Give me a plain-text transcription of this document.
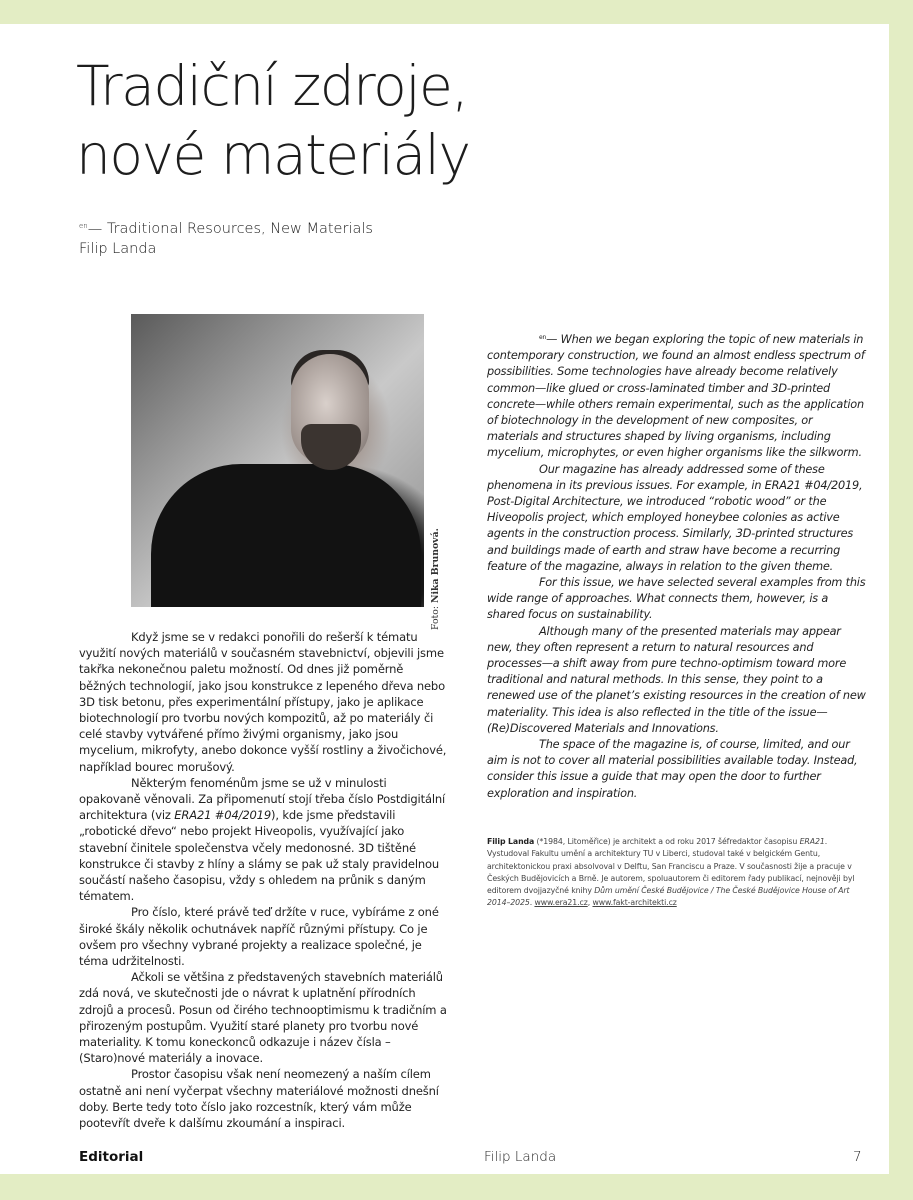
Tradiční zdroje,
nové materiály
$^{en}$— Traditional Resources, New Materials
Filip Landa
Foto: Nika Brunová.

Když jsme se v redakci ponořili do rešerší k tématu využití nových materiálů v současném stavebnictví, objevili jsme takřka nekonečnou paletu možností. Od dnes již poměrně běžných technologií, jako jsou konstrukce z lepeného dřeva nebo 3D tisk betonu, přes experimentální přístupy, jako je aplikace biotechnologií pro tvorbu nových kompozitů, až po materiály či celé stavby vytvářené přímo živými organismy, jako jsou mycelium, mikrofyty, anebo dokonce vyšší rostliny a živočichové, například bourec morušový.

Některým fenoménům jsme se už v minulosti opakovaně věnovali. Za připomenutí stojí třeba číslo Postdigitální architektura (viz ERA21 #04/2019), kde jsme představili „robotické dřevo“ nebo projekt Hiveopolis, využívající jako stavební činitele společenstva včely medonosné. 3D tištěné konstrukce či stavby z hlíny a slámy se pak už staly pravidelnou součástí našeho časopisu, vždy s ohledem na průnik s daným tématem.

Pro číslo, které právě teď držíte v ruce, vybíráme z oné široké škály několik ochutnávek napříč různými přístupy. Co je ovšem pro všechny vybrané projekty a realizace společné, je téma udržitelnosti.

Ačkoli se většina z představených stavebních materiálů zdá nová, ve skutečnosti jde o návrat k uplatnění přírodních zdrojů a procesů. Posun od čirého technooptimismu k tradičním a přirozeným postupům. Využití staré planety pro tvorbu nové materiality. K tomu koneckonců odkazuje i název čísla – (Staro)nové materiály a inovace.

Prostor časopisu však není neomezený a naším cílem ostatně ani není vyčerpat všechny materiálové možnosti dnešní doby. Berte tedy toto číslo jako rozcestník, který vám může pootevřít dveře k dalšímu zkoumání a inspiraci.

$^{en}$— When we began exploring the topic of new materials in contemporary construction, we found an almost endless spectrum of possibilities. Some technologies have already become relatively common—like glued or cross-laminated timber and 3D-printed concrete—while others remain experimental, such as the application of biotechnology in the development of new composites, or materials and structures shaped by living organisms, including mycelium, microphytes, or even higher organisms like the silkworm.

Our magazine has already addressed some of these phenomena in its previous issues. For example, in ERA21 #04/2019, Post-Digital Architecture, we introduced “robotic wood” or the Hiveopolis project, which employed honeybee colonies as active agents in the construction process. Similarly, 3D-printed structures and buildings made of earth and straw have become a recurring feature of the magazine, always in relation to the given theme.

For this issue, we have selected several examples from this wide range of approaches. What connects them, however, is a shared focus on sustainability.

Although many of the presented materials may appear new, they often represent a return to natural resources and processes—a shift away from pure techno-optimism toward more traditional and natural methods. In this sense, they point to a renewed use of the planet’s existing resources in the creation of new materiality. This idea is also reflected in the title of the issue—(Re)Discovered Materials and Innovations.

The space of the magazine is, of course, limited, and our aim is not to cover all material possibilities available today. Instead, consider this issue a guide that may open the door to further exploration and inspiration.

Filip Landa (*1984, Litoměřice) je architekt a od roku 2017 šéfredaktor časopisu ERA21. Vystudoval Fakultu umění a architektury TU v Liberci, studoval také v belgickém Gentu, architektonickou praxi absolvoval v Delftu, San Franciscu a Praze. V současnosti žije a pracuje v Českých Budějovicích a Brně. Je autorem, spoluautorem či editorem řady publikací, nejnověji byl editorem dvojjazyčné knihy Dům umění České Budějovice / The České Budějovice House of Art 2014–2025. www.era21.cz, www.fakt-architekti.cz
Editorial	Filip Landa	7
